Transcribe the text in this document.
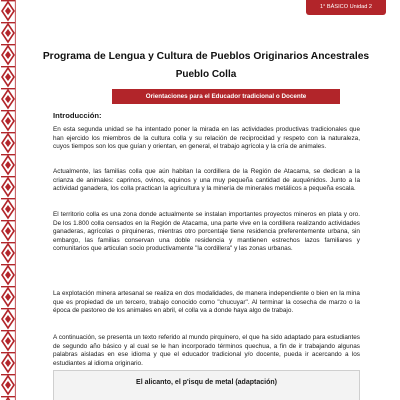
1° BÁSICO Unidad 2
Programa de Lengua y Cultura de Pueblos Originarios Ancestrales
Pueblo Colla
Orientaciones para el Educador tradicional o Docente
Introducción:

En esta segunda unidad se ha intentado poner la mirada en las actividades productivas tradicionales que han ejercido los miembros de la cultura colla y su relación de reciprocidad y respeto con la naturaleza, cuyos tiempos son los que guían y orientan, en general, el trabajo agrícola y la cría de animales.

Actualmente, las familias colla que aún habitan la cordillera de la Región de Atacama, se dedican a la crianza de animales: caprinos, ovinos, equinos y una muy pequeña cantidad de auquénidos. Junto a la actividad ganadera, los colla practican la agricultura y la minería de minerales metálicos a pequeña escala.

El territorio colla es una zona donde actualmente se instalan importantes proyectos mineros en plata y oro. De los 1.800 colla censados en la Región de Atacama, una parte vive en la cordillera realizando actividades ganaderas, agrícolas o pirquineras, mientras otro porcentaje tiene residencia preferentemente urbana, sin embargo, las familias conservan una doble residencia y mantienen estrechos lazos familiares y comunitarios que articulan socio productivamente "la cordillera" y las zonas urbanas.

La explotación minera artesanal se realiza en dos modalidades, de manera independiente o bien en la mina que es propiedad de un tercero, trabajo conocido como "chucuyar". Al terminar la cosecha de marzo o la época de pastoreo de los animales en abril, el colla va a donde haya algo de trabajo.

A continuación, se presenta un texto referido al mundo pirquinero, el que ha sido adaptado para estudiantes de segundo año básico y al cual se le han incorporado términos quechua, a fin de ir trabajando algunas palabras aisladas en ese idioma y que el educador tradicional y/o docente, pueda ir acercando a los estudiantes al idioma originario.

El alicanto, el p'isqu de metal (adaptación)
